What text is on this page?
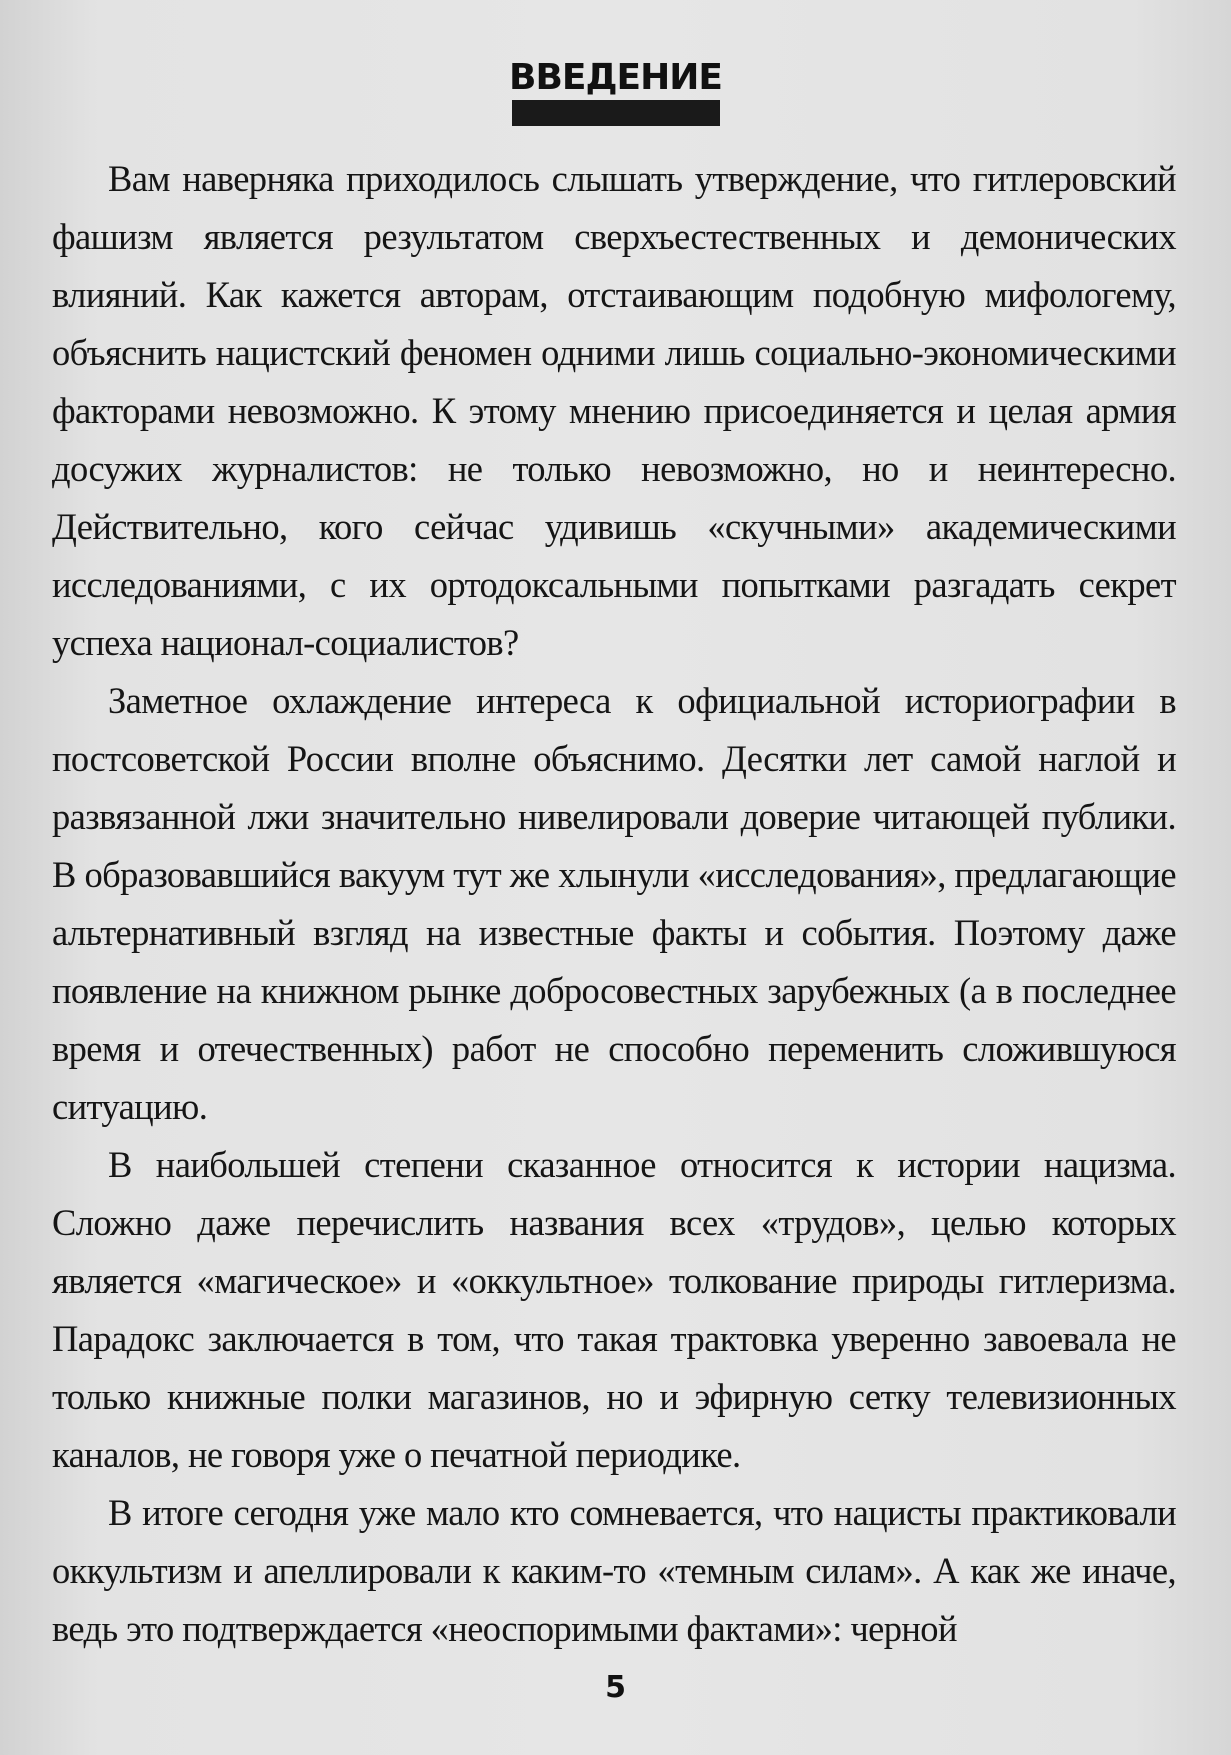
ВВЕДЕНИЕ

Вам наверняка приходилось слышать утверждение, что гитлеровский фашизм является результатом сверхъестественных и демонических влияний. Как кажется авторам, отстаивающим подобную мифологему, объяснить нацистский феномен одними лишь социально-экономическими факторами невозможно. К этому мнению присоединяется и целая армия досужих журналистов: не только невозможно, но и неинтересно. Действительно, кого сейчас удивишь «скучными» академическими исследованиями, с их ортодоксальными попытками разгадать секрет успеха национал-социалистов?

Заметное охлаждение интереса к официальной историографии в постсоветской России вполне объяснимо. Десятки лет самой наглой и развязанной лжи значительно нивелировали доверие читающей публики. В образовавшийся вакуум тут же хлынули «исследования», предлагающие альтернативный взгляд на известные факты и события. Поэтому даже появление на книжном рынке добросовестных зарубежных (а в последнее время и отечественных) работ не способно переменить сложившуюся ситуацию.

В наибольшей степени сказанное относится к истории нацизма. Сложно даже перечислить названия всех «трудов», целью которых является «магическое» и «оккультное» толкование природы гитлеризма. Парадокс заключается в том, что такая трактовка уверенно завоевала не только книжные полки магазинов, но и эфирную сетку телевизионных каналов, не говоря уже о печатной периодике.

В итоге сегодня уже мало кто сомневается, что нацисты практиковали оккультизм и апеллировали к каким-то «темным силам». А как же иначе, ведь это подтверждается «неоспоримыми фактами»: черной

5
